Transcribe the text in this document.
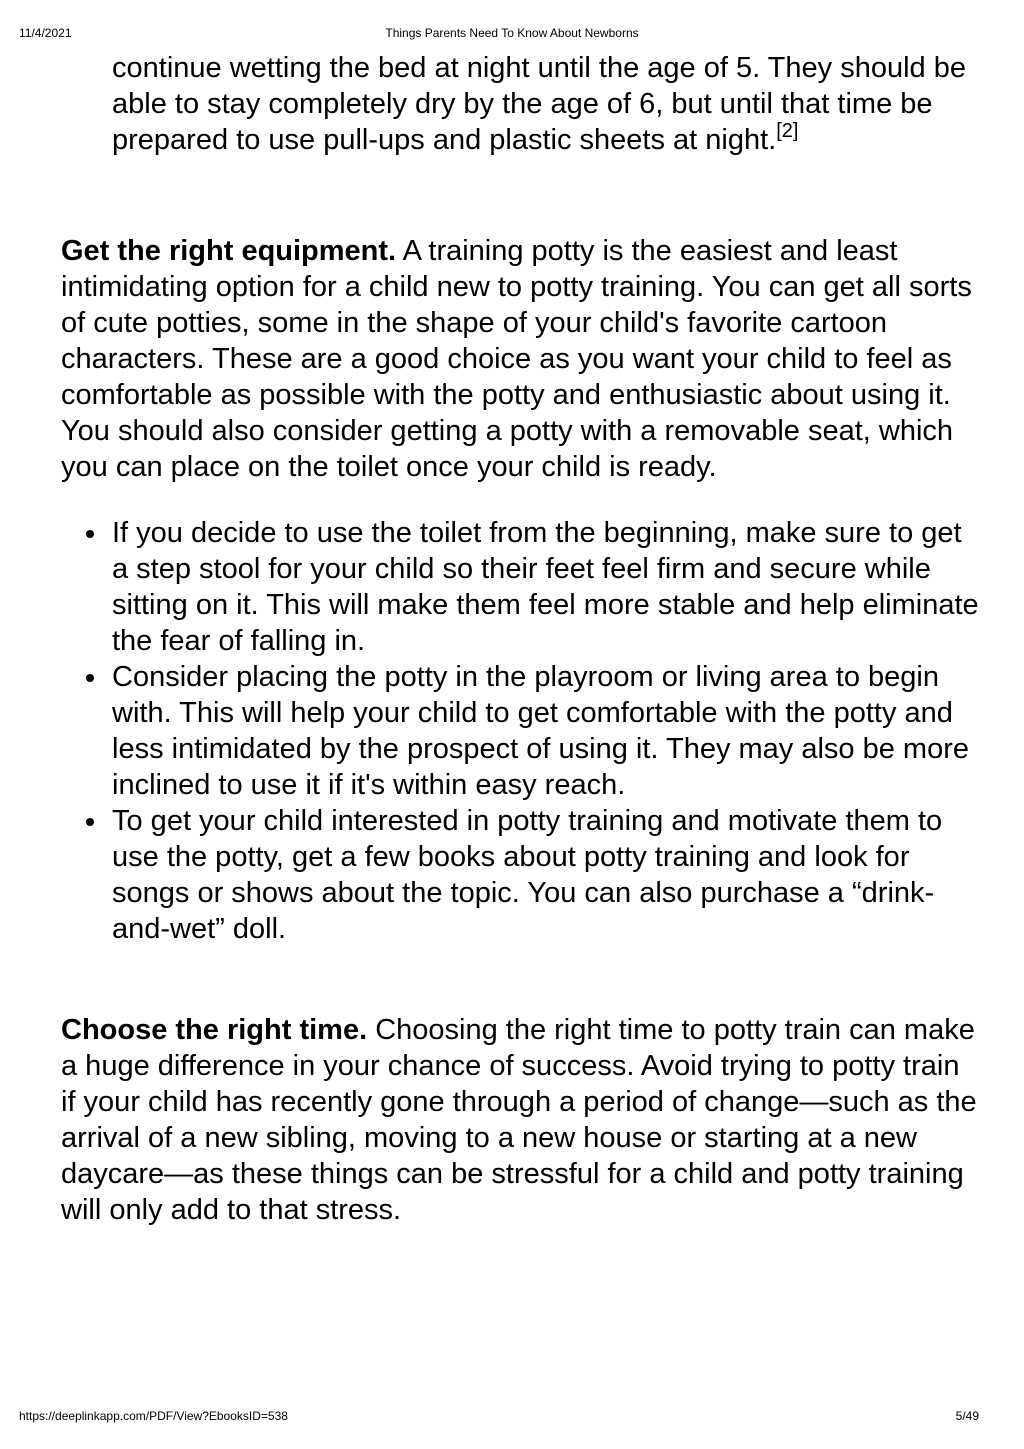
11/4/2021	Things Parents Need To Know About Newborns
continue wetting the bed at night until the age of 5. They should be able to stay completely dry by the age of 6, but until that time be prepared to use pull-ups and plastic sheets at night.[2]

Get the right equipment. A training potty is the easiest and least intimidating option for a child new to potty training. You can get all sorts of cute potties, some in the shape of your child's favorite cartoon characters. These are a good choice as you want your child to feel as comfortable as possible with the potty and enthusiastic about using it. You should also consider getting a potty with a removable seat, which you can place on the toilet once your child is ready.

If you decide to use the toilet from the beginning, make sure to get a step stool for your child so their feet feel firm and secure while sitting on it. This will make them feel more stable and help eliminate the fear of falling in.
Consider placing the potty in the playroom or living area to begin with. This will help your child to get comfortable with the potty and less intimidated by the prospect of using it. They may also be more inclined to use it if it's within easy reach.
To get your child interested in potty training and motivate them to use the potty, get a few books about potty training and look for songs or shows about the topic. You can also purchase a “drink-and-wet” doll.

Choose the right time. Choosing the right time to potty train can make a huge difference in your chance of success. Avoid trying to potty train if your child has recently gone through a period of change—such as the arrival of a new sibling, moving to a new house or starting at a new daycare—as these things can be stressful for a child and potty training will only add to that stress.

https://deeplinkapp.com/PDF/View?EbooksID=538	5/49
